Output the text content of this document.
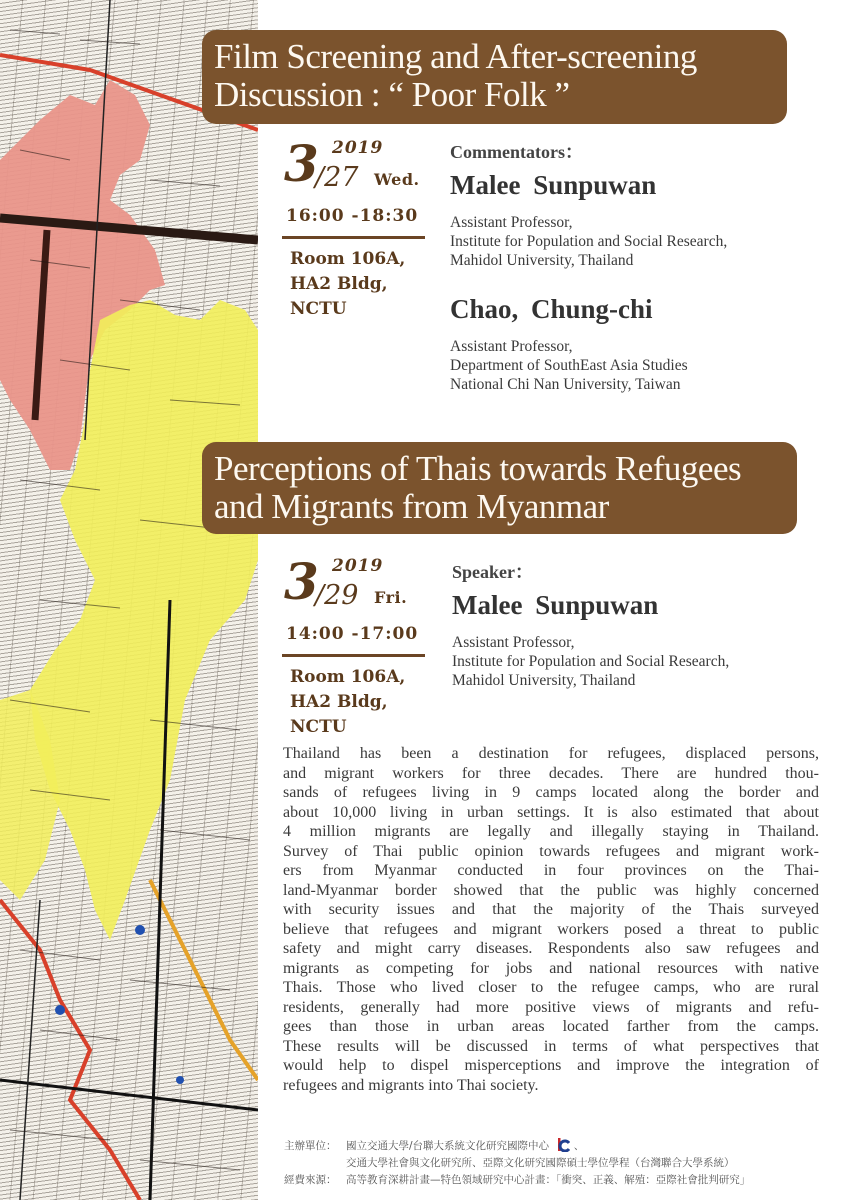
Film Screening and After-screening
Discussion : “ Poor Folk ”
3 2019
/27 Wed.
16:00 -18:30
Room 106A,
HA2 Bldg,
NCTU
Commentators：
Malee Sunpuwan
Assistant Professor,
Institute for Population and Social Research,
Mahidol University, Thailand
Chao, Chung-chi
Assistant Professor,
Department of SouthEast Asia Studies
National Chi Nan University, Taiwan
Perceptions of Thais towards Refugees
and Migrants from Myanmar
3 2019
/29 Fri.
14:00 -17:00
Room 106A,
HA2 Bldg,
NCTU
Speaker：
Malee Sunpuwan
Assistant Professor,
Institute for Population and Social Research,
Mahidol University, Thailand
Thailand has been a destination for refugees, displaced persons,
and migrant workers for three decades. There are hundred thou-
sands of refugees living in 9 camps located along the border and
about 10,000 living in urban settings. It is also estimated that about
4 million migrants are legally and illegally staying in Thailand.
Survey of Thai public opinion towards refugees and migrant work-
ers from Myanmar conducted in four provinces on the Thai-
land-Myanmar border showed that the public was highly concerned
with security issues and that the majority of the Thais surveyed
believe that refugees and migrant workers posed a threat to public
safety and might carry diseases. Respondents also saw refugees and
migrants as competing for jobs and national resources with native
Thais. Those who lived closer to the refugee camps, who are rural
residents, generally had more positive views of migrants and refu-
gees than those in urban areas located farther from the camps.
These results will be discussed in terms of what perspectives that
would help to dispel misperceptions and improve the integration of
refugees and migrants into Thai society.
主辦單位： 國立交通大學/台聯大系統文化研究國際中心 、
交通大學社會與文化研究所、亞際文化研究國際碩士學位學程（台灣聯合大學系統）
經費來源： 高等教育深耕計畫—特色領域研究中心計畫：「衝突、正義、解殖：亞際社會批判研究」
